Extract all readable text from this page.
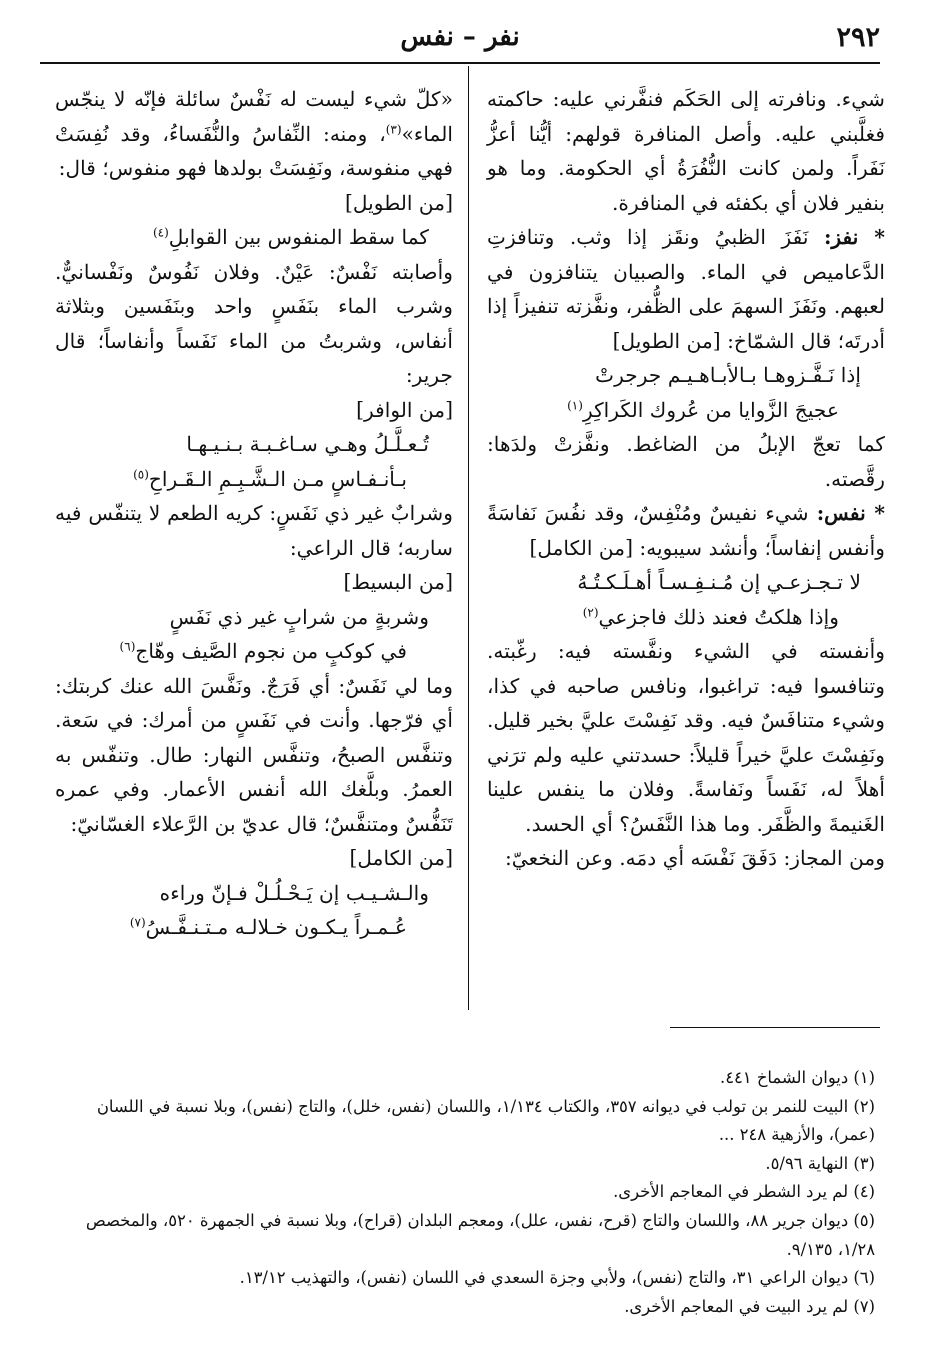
٢٩٢
نفر – نفس

شيء. ونافرته إلى الحَكَم فنفَّرني عليه: حاكمته فغلَّبني عليه. وأصل المنافرة قولهم: أيُّنا أعزُّ نَفَراً. ولمن كانت النُّفُرَةُ أي الحكومة. وما هو بنفير فلان أي بكفئه في المنافرة.

* نفز: نَفَزَ الظبيُ ونقَز إذا وثب. وتنافزتِ الدَّعاميص في الماء. والصبيان يتنافزون في لعبهم. ونَفَزَ السهمَ على الظُّفر، ونفَّزته تنفيزاً إذا أدرتَه؛ قال الشمّاخ: [من الطويل]

إذا نَـفَّـزوهـا بـالأبـاهـيـم جرجرتْ
عجيجَ الزَّوايا من عُروك الكَراكِرِ$^{(١)}$

كما تعجّ الإبلُ من الضاغط. ونفَّزتْ ولدَها: رقَّصته.

* نفس: شيء نفيسٌ ومُنْفِسٌ، وقد نفُسَ نَفاسَةً وأنفس إنفاساً؛ وأنشد سيبويه: [من الكامل]

لا تـجـزعـي إن مُـنـفِـسـاً أهـلَـكـتُـهُ
وإذا هلكتُ فعند ذلك فاجزعي$^{(٢)}$

وأنفسته في الشيء ونفَّسته فيه: رغّبته. وتنافسوا فيه: تراغبوا، ونافس صاحبه في كذا، وشيء متنافَسٌ فيه. وقد نَفِسْتَ عليَّ بخير قليل. ونَفِسْتَ عليَّ خيراً قليلاً: حسدتني عليه ولم ترَني أهلاً له، نَفَساً ونَفاسةً. وفلان ما ينفس علينا الغَنيمةَ والظَّفَر. وما هذا النَّفَسُ؟ أي الحسد.

ومن المجاز: دَفَقَ نَفْسَه أي دمَه. وعن النخعيّ:

«كلّ شيء ليست له نَفْسٌ سائلة فإنّه لا ينجّس الماء»$^{(٣)}$، ومنه: النِّفاسُ والنُّفَساءُ، وقد نُفِسَتْ فهي منفوسة، ونَفِسَتْ بولدها فهو منفوس؛ قال:

[من الطويل]
كما سقط المنفوس بين القوابلِ$^{(٤)}$

وأصابته نَفْسٌ: عَيْنٌ. وفلان نَفُوسٌ ونَفْسانيٌّ. وشرب الماء بنَفَسٍ واحد وبنَفَسين وبثلاثة أنفاس، وشربتُ من الماء نَفَساً وأنفاساً؛ قال جرير:

[من الوافر]
تُـعـلَّـلُ وهـي سـاغـبـة بـنـيـهـا
بـأنـفـاسٍ مـن الـشَّـبِـمِ الـقَـراحِ$^{(٥)}$

وشرابٌ غير ذي نَفَسٍ: كريه الطعم لا يتنفّس فيه ساربه؛ قال الراعي:

[من البسيط]
وشربةٍ من شرابٍ غير ذي نَفَسٍ
في كوكبٍ من نجوم الصَّيف وهّاج$^{(٦)}$

وما لي نَفَسٌ: أي فَرَجٌ. ونَفَّسَ الله عنك كربتك: أي فرّجها. وأنت في نَفَسٍ من أمرك: في سَعة. وتنفَّس الصبحُ، وتنفَّس النهار: طال. وتنفّس به العمرُ. وبلَّغك الله أنفس الأعمار. وفي عمره تَنَفُّسٌ ومتنفَّسٌ؛ قال عديّ بن الرَّعلاء الغسّانيّ:

[من الكامل]
والـشـيـب إن يَـحْـلُـلْ فـإنّ وراءه
عُـمـراً يـكـون خـلالـه مـتـنـفَّـسُ$^{(٧)}$
(١) ديوان الشماخ ٤٤١.
(٢) البيت للنمر بن تولب في ديوانه ٣٥٧، والكتاب ١/١٣٤، واللسان (نفس، خلل)، والتاج (نفس)، وبلا نسبة في اللسان (عمر)، والأزهية ٢٤٨ ...
(٣) النهاية ٥/٩٦.
(٤) لم يرد الشطر في المعاجم الأخرى.
(٥) ديوان جرير ٨٨، واللسان والتاج (قرح، نفس، علل)، ومعجم البلدان (قراح)، وبلا نسبة في الجمهرة ٥٢٠، والمخصص ١/٢٨، ٩/١٣٥.
(٦) ديوان الراعي ٣١، والتاج (نفس)، ولأبي وجزة السعدي في اللسان (نفس)، والتهذيب ١٣/١٢.
(٧) لم يرد البيت في المعاجم الأخرى.
